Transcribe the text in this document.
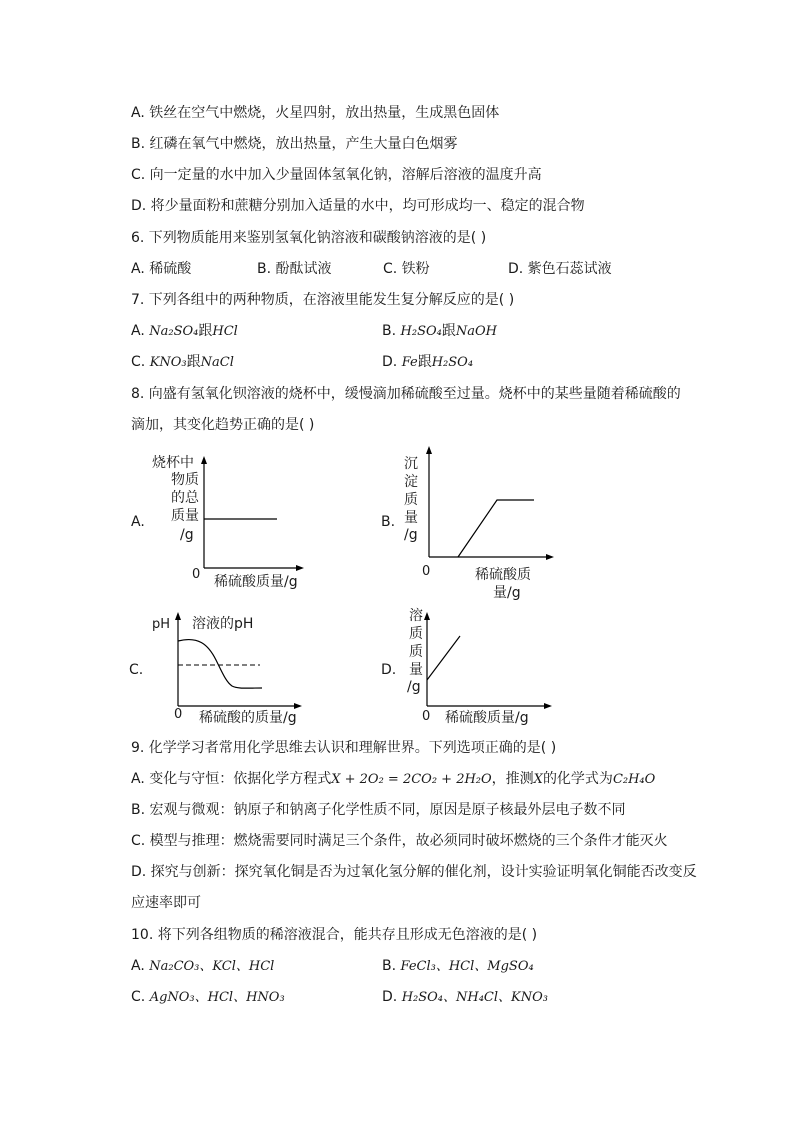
A. 铁丝在空气中燃烧，火星四射，放出热量，生成黑色固体
B. 红磷在氧气中燃烧，放出热量，产生大量白色烟雾
C. 向一定量的水中加入少量固体氢氧化钠，溶解后溶液的温度升高
D. 将少量面粉和蔗糖分别加入适量的水中，均可形成均一、稳定的混合物
6. 下列物质能用来鉴别氢氧化钠溶液和碳酸钠溶液的是( )
A. 稀硫酸	B. 酚酞试液	C. 铁粉	D. 紫色石蕊试液
7. 下列各组中的两种物质，在溶液里能发生复分解反应的是( )
A. Na₂SO₄跟HCl	B. H₂SO₄跟NaOH
C. KNO₃跟NaCl	D. Fe跟H₂SO₄
8. 向盛有氢氧化钡溶液的烧杯中，缓慢滴加稀硫酸至过量。烧杯中的某些量随着稀硫酸的
滴加，其变化趋势正确的是( )
烧杯中
物质
的总
质量
/g
A.
0 稀硫酸质量/g
沉
淀
质
量
/g
B.
0	稀硫酸质
量/g
pH 溶液的pH
C.
0 稀硫酸的质量/g
溶
质
质
量
/g
D.
0 稀硫酸质量/g
9. 化学学习者常用化学思维去认识和理解世界。下列选项正确的是( )
A. 变化与守恒：依据化学方程式X + 2O₂ = 2CO₂ + 2H₂O，推测X的化学式为C₂H₄O
B. 宏观与微观：钠原子和钠离子化学性质不同，原因是原子核最外层电子数不同
C. 模型与推理：燃烧需要同时满足三个条件，故必须同时破坏燃烧的三个条件才能灭火
D. 探究与创新：探究氧化铜是否为过氧化氢分解的催化剂，设计实验证明氧化铜能否改变反
应速率即可
10. 将下列各组物质的稀溶液混合，能共存且形成无色溶液的是( )
A. Na₂CO₃、KCl、HCl	B. FeCl₃、HCl、MgSO₄
C. AgNO₃、HCl、HNO₃	D. H₂SO₄、NH₄Cl、KNO₃
